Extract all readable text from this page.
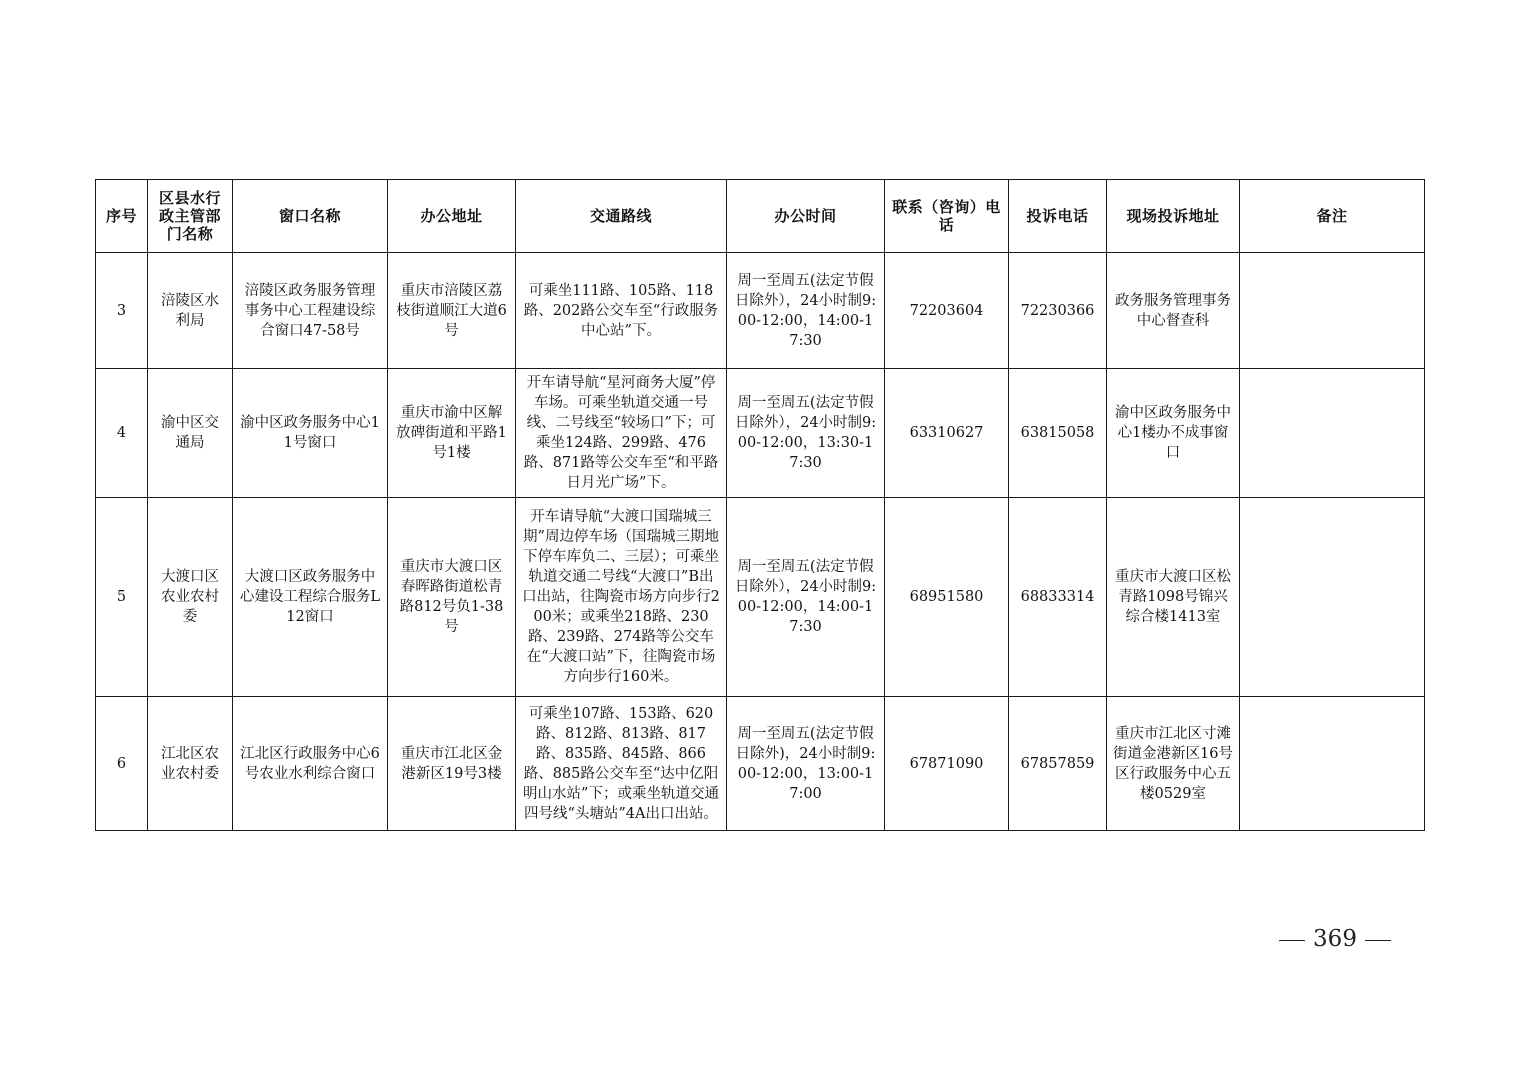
序号	区县水行政主管部门名称	窗口名称	办公地址	交通路线	办公时间	联系（咨询）电话	投诉电话	现场投诉地址	备注
3	涪陵区水利局	涪陵区政务服务管理事务中心工程建设综合窗口47-58号	重庆市涪陵区荔枝街道顺江大道6号	可乘坐111路、105路、118路、202路公交车至“行政服务中心站”下。	周一至周五(法定节假日除外），24小时制9:00-12:00，14:00-17:30	72203604	72230366	政务服务管理事务中心督查科	
4	渝中区交通局	渝中区政务服务中心11号窗口	重庆市渝中区解放碑街道和平路1号1楼	开车请导航“星河商务大厦”停车场。可乘坐轨道交通一号线、二号线至“较场口”下；可乘坐124路、299路、476路、871路等公交车至“和平路日月光广场”下。	周一至周五(法定节假日除外），24小时制9:00-12:00，13:30-17:30	63310627	63815058	渝中区政务服务中心1楼办不成事窗口	
5	大渡口区农业农村委	大渡口区政务服务中心建设工程综合服务L12窗口	重庆市大渡口区春晖路街道松青路812号负1-38号	开车请导航“大渡口国瑞城三期”周边停车场（国瑞城三期地下停车库负二、三层）；可乘坐轨道交通二号线“大渡口”B出口出站，往陶瓷市场方向步行200米；或乘坐218路、230路、239路、274路等公交车在“大渡口站”下，往陶瓷市场方向步行160米。	周一至周五(法定节假日除外），24小时制9:00-12:00，14:00-17:30	68951580	68833314	重庆市大渡口区松青路1098号锦兴综合楼1413室	
6	江北区农业农村委	江北区行政服务中心6号农业水利综合窗口	重庆市江北区金港新区19号3楼	可乘坐107路、153路、620路、812路、813路、817路、835路、845路、866路、885路公交车至“达中亿阳明山水站”下；或乘坐轨道交通四号线“头塘站”4A出口出站。	周一至周五(法定节假日除外)，24小时制9:00-12:00，13:00-17:00	67871090	67857859	重庆市江北区寸滩街道金港新区16号区行政服务中心五楼0529室	
369
